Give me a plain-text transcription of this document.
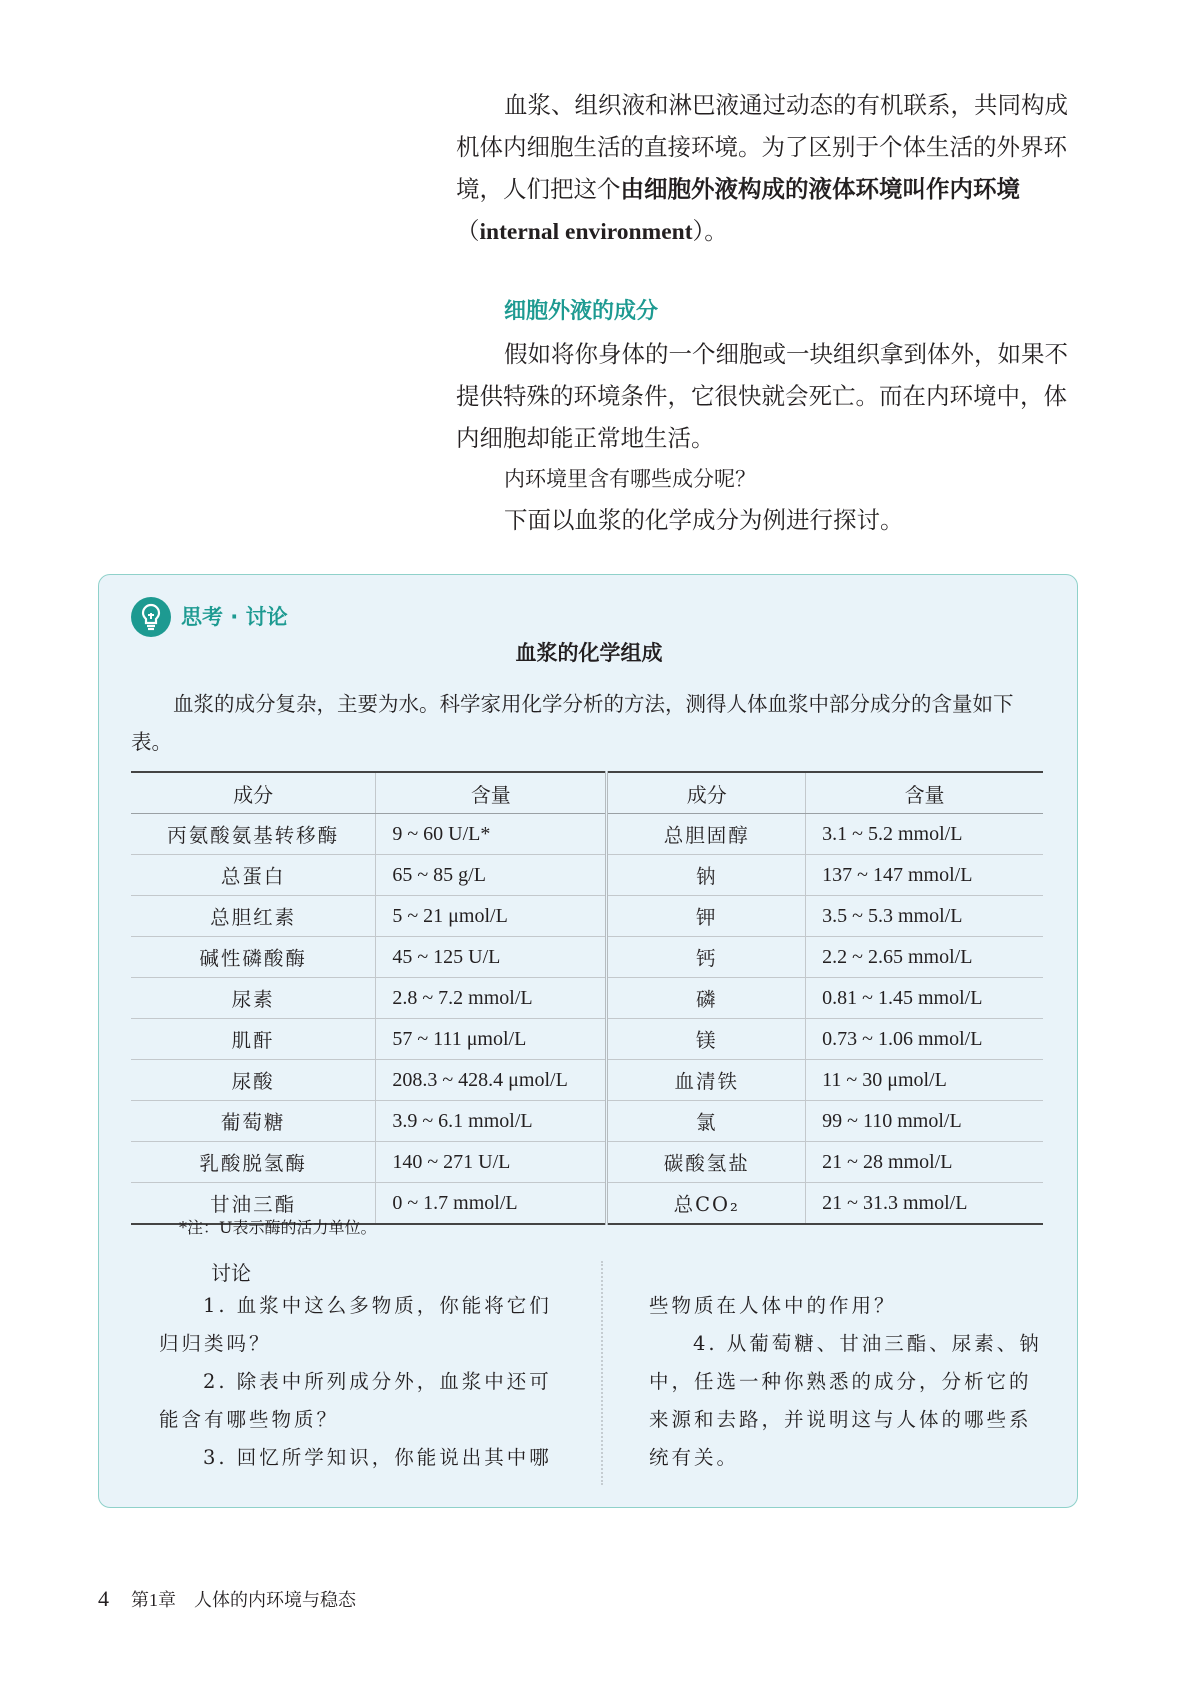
血浆、组织液和淋巴液通过动态的有机联系，共同构成机体内细胞生活的直接环境。为了区别于个体生活的外界环境，人们把这个由细胞外液构成的液体环境叫作内环境（internal environment）。

细胞外液的成分

假如将你身体的一个细胞或一块组织拿到体外，如果不提供特殊的环境条件，它很快就会死亡。而在内环境中，体内细胞却能正常地生活。

内环境里含有哪些成分呢？

下面以血浆的化学成分为例进行探讨。

思考 · 讨论
血浆的化学组成

血浆的成分复杂，主要为水。科学家用化学分析的方法，测得人体血浆中部分成分的含量如下表。

成分	含量	成分	含量
丙氨酸氨基转移酶	9 ~ 60 U/L*	总胆固醇	3.1 ~ 5.2 mmol/L
总蛋白	65 ~ 85 g/L	钠	137 ~ 147 mmol/L
总胆红素	5 ~ 21 μmol/L	钾	3.5 ~ 5.3 mmol/L
碱性磷酸酶	45 ~ 125 U/L	钙	2.2 ~ 2.65 mmol/L
尿素	2.8 ~ 7.2 mmol/L	磷	0.81 ~ 1.45 mmol/L
肌酐	57 ~ 111 μmol/L	镁	0.73 ~ 1.06 mmol/L
尿酸	208.3 ~ 428.4 μmol/L	血清铁	11 ~ 30 μmol/L
葡萄糖	3.9 ~ 6.1 mmol/L	氯	99 ~ 110 mmol/L
乳酸脱氢酶	140 ~ 271 U/L	碳酸氢盐	21 ~ 28 mmol/L
甘油三酯	0 ~ 1.7 mmol/L	总CO₂	21 ~ 31.3 mmol/L
*注：U表示酶的活力单位。
讨论

1. 血浆中这么多物质，你能将它们归归类吗？

2. 除表中所列成分外，血浆中还可能含有哪些物质？

3. 回忆所学知识，你能说出其中哪

些物质在人体中的作用？

4. 从葡萄糖、甘油三酯、尿素、钠中，任选一种你熟悉的成分，分析它的来源和去路，并说明这与人体的哪些系统有关。

4 第1章 人体的内环境与稳态
